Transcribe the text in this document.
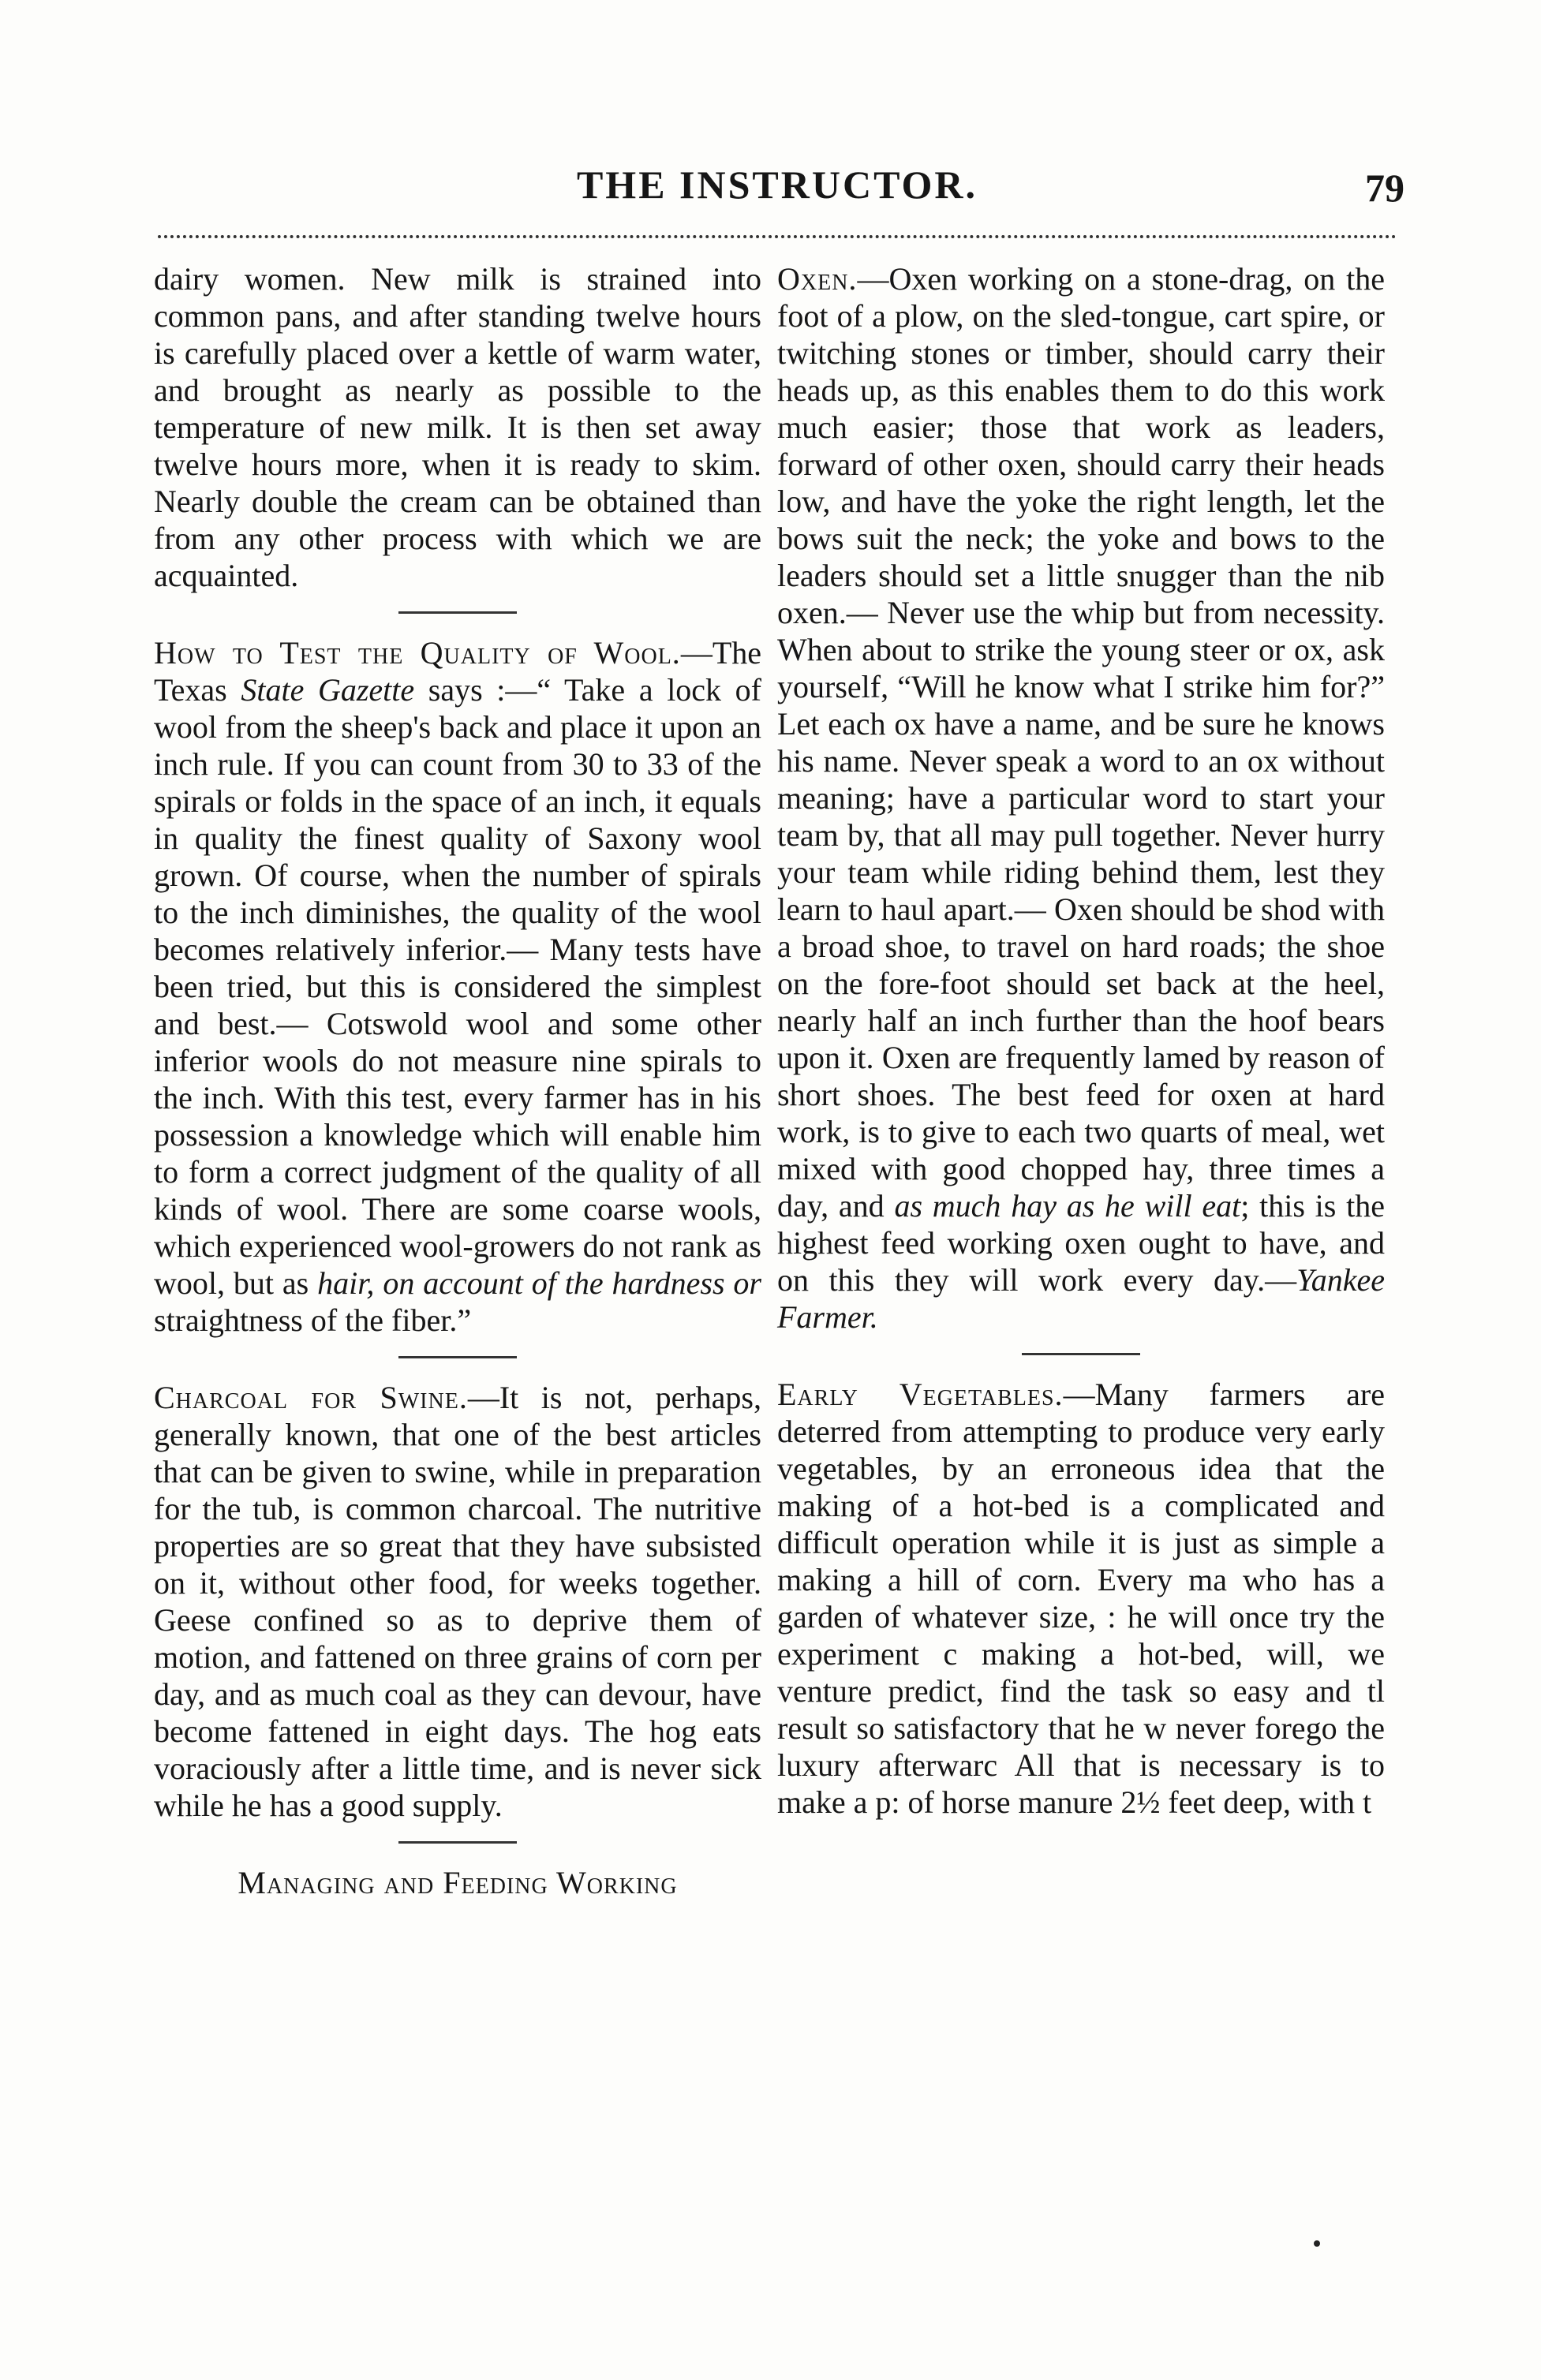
THE INSTRUCTOR.	79

dairy women. New milk is strained into common pans, and after standing twelve hours is carefully placed over a kettle of warm water, and brought as nearly as possible to the temperature of new milk. It is then set away twelve hours more, when it is ready to skim. Nearly double the cream can be obtained than from any other process with which we are acquainted.

How to Test the Quality of Wool.—The Texas State Gazette says :—“ Take a lock of wool from the sheep's back and place it upon an inch rule. If you can count from 30 to 33 of the spirals or folds in the space of an inch, it equals in quality the finest quality of Saxony wool grown. Of course, when the number of spirals to the inch diminishes, the quality of the wool becomes relatively inferior.— Many tests have been tried, but this is considered the simplest and best.— Cotswold wool and some other inferior wools do not measure nine spirals to the inch. With this test, every farmer has in his possession a knowledge which will enable him to form a correct judgment of the quality of all kinds of wool. There are some coarse wools, which experienced wool-growers do not rank as wool, but as hair, on account of the hardness or straightness of the fiber.”

Charcoal for Swine.—It is not, perhaps, generally known, that one of the best articles that can be given to swine, while in preparation for the tub, is common charcoal. The nutritive properties are so great that they have subsisted on it, without other food, for weeks together. Geese confined so as to deprive them of motion, and fattened on three grains of corn per day, and as much coal as they can devour, have become fattened in eight days. The hog eats voraciously after a little time, and is never sick while he has a good supply.

Managing and Feeding Working

Oxen.—Oxen working on a stone-drag, on the foot of a plow, on the sled-tongue, cart spire, or twitching stones or timber, should carry their heads up, as this enables them to do this work much easier; those that work as leaders, forward of other oxen, should carry their heads low, and have the yoke the right length, let the bows suit the neck; the yoke and bows to the leaders should set a little snugger than the nib oxen.— Never use the whip but from necessity. When about to strike the young steer or ox, ask yourself, “Will he know what I strike him for?” Let each ox have a name, and be sure he knows his name. Never speak a word to an ox without meaning; have a particular word to start your team by, that all may pull together. Never hurry your team while riding behind them, lest they learn to haul apart.— Oxen should be shod with a broad shoe, to travel on hard roads; the shoe on the fore-foot should set back at the heel, nearly half an inch further than the hoof bears upon it. Oxen are frequently lamed by reason of short shoes. The best feed for oxen at hard work, is to give to each two quarts of meal, wet mixed with good chopped hay, three times a day, and as much hay as he will eat; this is the highest feed working oxen ought to have, and on this they will work every day.—Yankee Farmer.

Early Vegetables.—Many farmers are deterred from attempting to produce very early vegetables, by an erroneous idea that the making of a hot-bed is a complicated and difficult operation while it is just as simple a making a hill of corn. Every ma who has a garden of whatever size, : he will once try the experiment c making a hot-bed, will, we venture predict, find the task so easy and tl result so satisfactory that he w never forego the luxury afterwarc All that is necessary is to make a p: of horse manure 2½ feet deep, with t
